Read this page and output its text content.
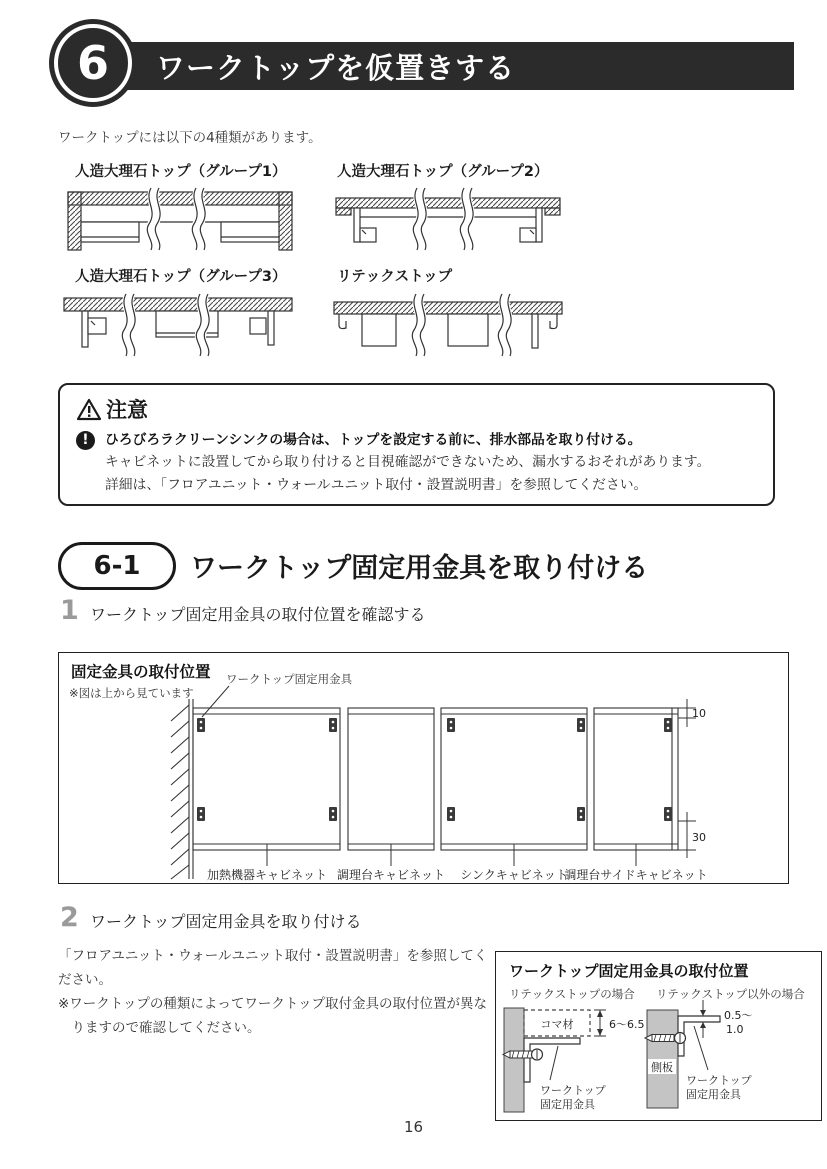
6 ワークトップを仮置きする
ワークトップには以下の4種類があります。
人造大理石トップ（グループ1）	人造大理石トップ（グループ2）
人造大理石トップ（グループ3）	リテックストップ
注意
!	ひろびろラクリーンシンクの場合は、トップを設定する前に、排水部品を取り付ける。
キャビネットに設置してから取り付けると目視確認ができないため、漏水するおそれがあります。
詳細は、「フロアユニット・ウォールユニット取付・設置説明書」を参照してください。
6-1 ワークトップ固定用金具を取り付ける
1 ワークトップ固定用金具の取付位置を確認する
固定金具の取付位置
※図は上から見ています
ワークトップ固定用金具
10
30
加熱機器キャビネット 調理台キャビネット シンクキャビネット
調理台サイドキャビネット
2 ワークトップ固定用金具を取り付ける
「フロアユニット・ウォールユニット取付・設置説明書」を参照してください。
※ワークトップの種類によってワークトップ取付金具の取付位置が異なりますので確認してください。
ワークトップ固定用金具の取付位置
リテックストップの場合 リテックストップ以外の場合
コマ材	6〜6.5
ワークトップ
固定用金具
0.5〜
1.0
側板
ワークトップ
固定用金具
16
